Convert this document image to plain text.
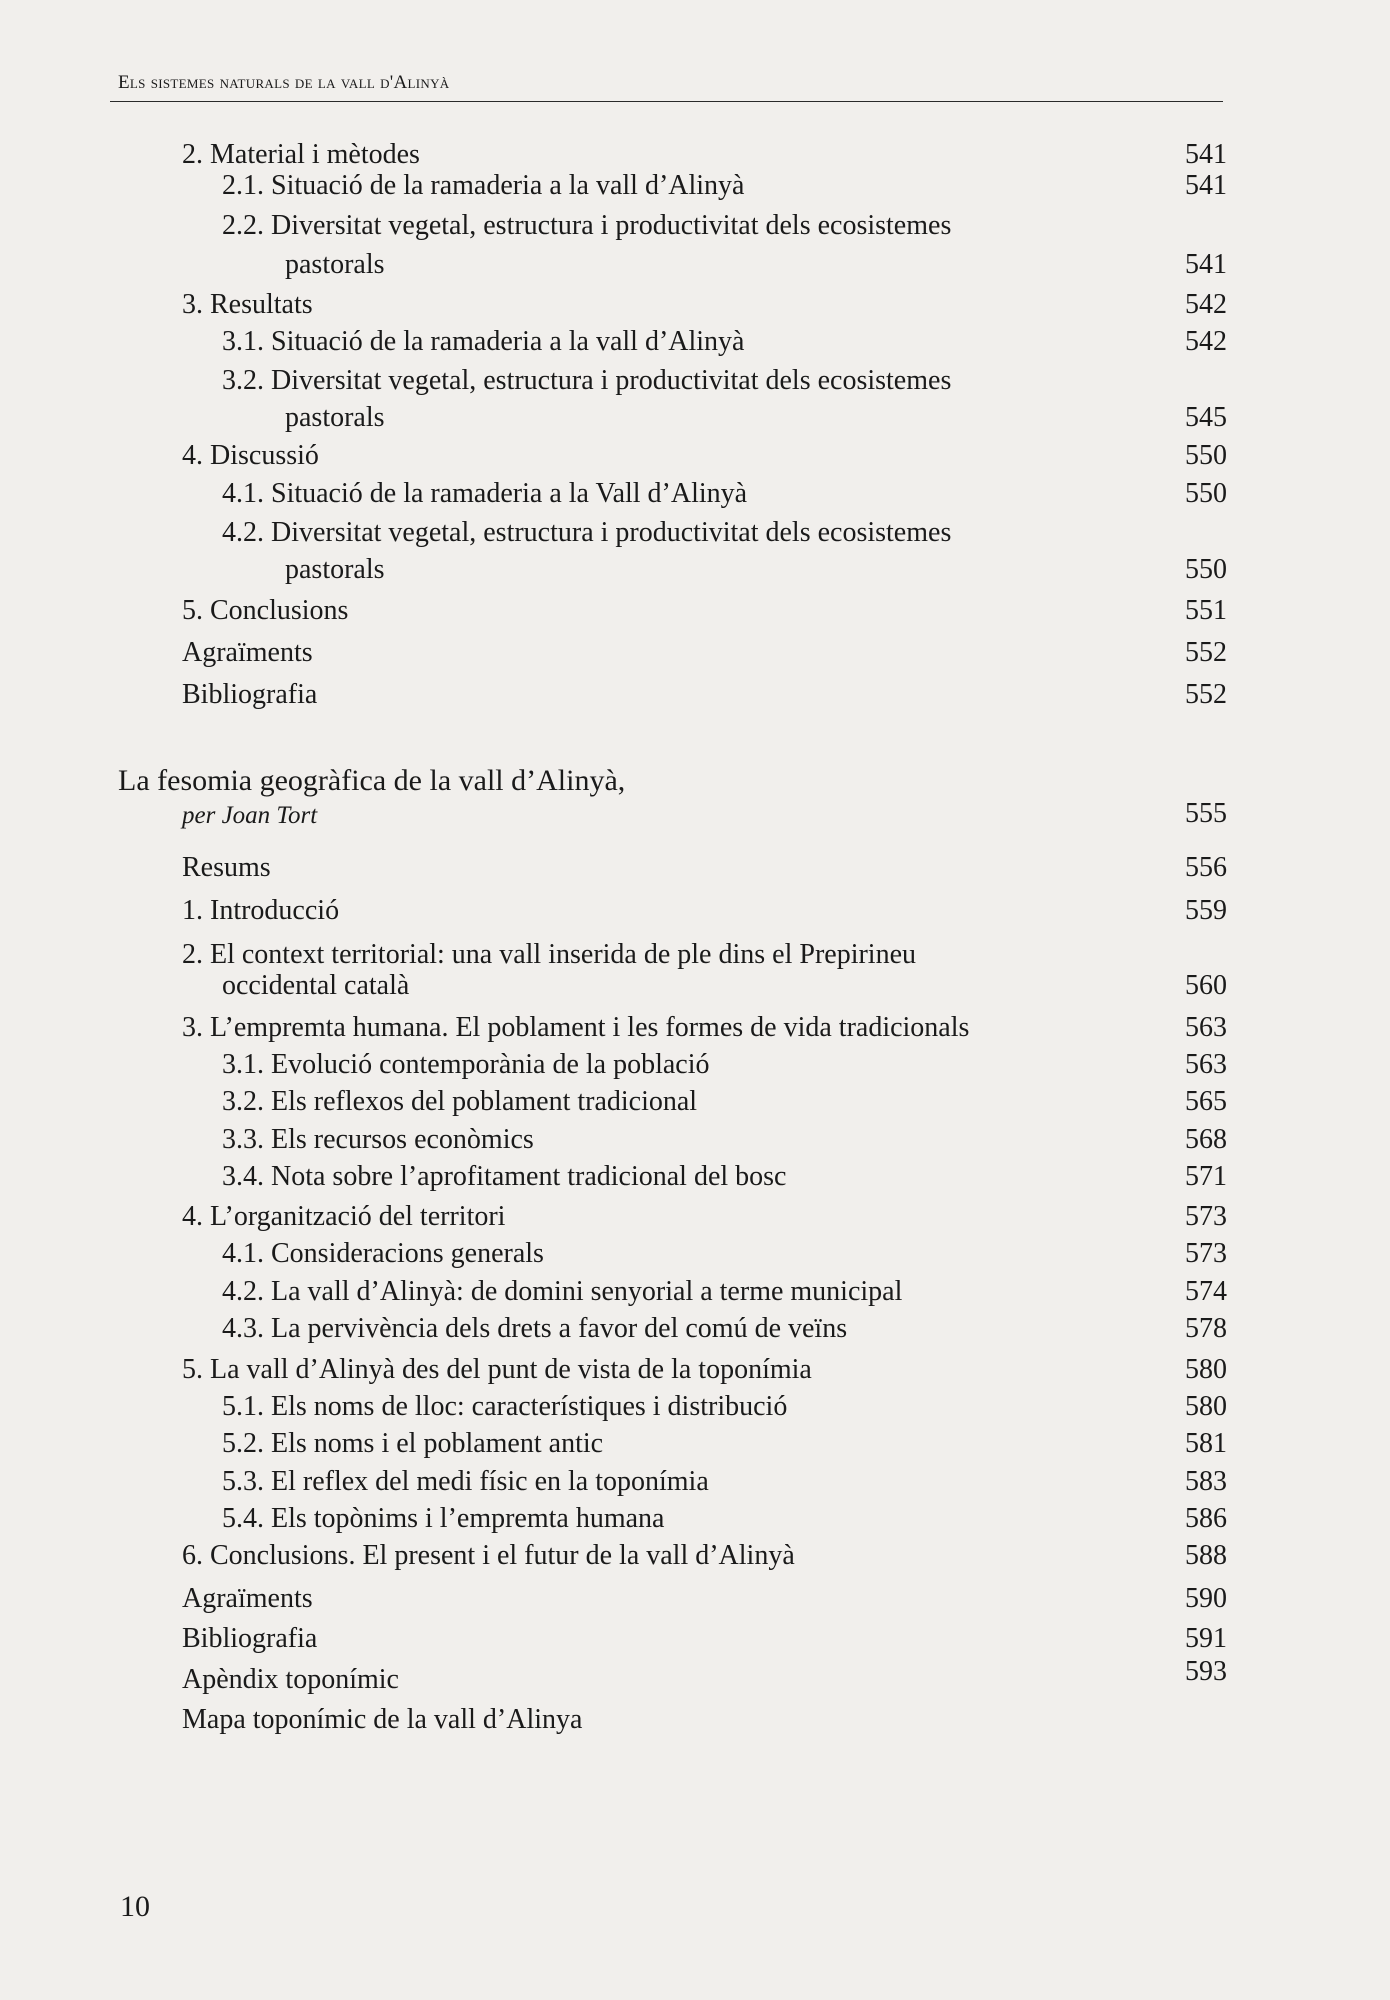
Els sistemes naturals de la vall d'Alinyà
2. Material i mètodes	541
2.1. Situació de la ramaderia a la vall d’Alinyà	541
2.2. Diversitat vegetal, estructura i productivitat dels ecosistemes
pastorals	541
3. Resultats	542
3.1. Situació de la ramaderia a la vall d’Alinyà	542
3.2. Diversitat vegetal, estructura i productivitat dels ecosistemes
pastorals	545
4. Discussió	550
4.1. Situació de la ramaderia a la Vall d’Alinyà	550
4.2. Diversitat vegetal, estructura i productivitat dels ecosistemes
pastorals	550
5. Conclusions	551
Agraïments	552
Bibliografia	552
La fesomia geogràfica de la vall d’Alinyà,
per Joan Tort	555
Resums	556
1. Introducció	559
2. El context territorial: una vall inserida de ple dins el Prepirineu
occidental català	560
3. L’empremta humana. El poblament i les formes de vida tradicionals	563
3.1. Evolució contemporània de la població	563
3.2. Els reflexos del poblament tradicional	565
3.3. Els recursos econòmics	568
3.4. Nota sobre l’aprofitament tradicional del bosc	571
4. L’organització del territori	573
4.1. Consideracions generals	573
4.2. La vall d’Alinyà: de domini senyorial a terme municipal	574
4.3. La pervivència dels drets a favor del comú de veïns	578
5. La vall d’Alinyà des del punt de vista de la toponímia	580
5.1. Els noms de lloc: característiques i distribució	580
5.2. Els noms i el poblament antic	581
5.3. El reflex del medi físic en la toponímia	583
5.4. Els topònims i l’empremta humana	586
6. Conclusions. El present i el futur de la vall d’Alinyà	588
Agraïments	590
Bibliografia	591
Apèndix toponímic	593
Mapa toponímic de la vall d’Alinya
10
